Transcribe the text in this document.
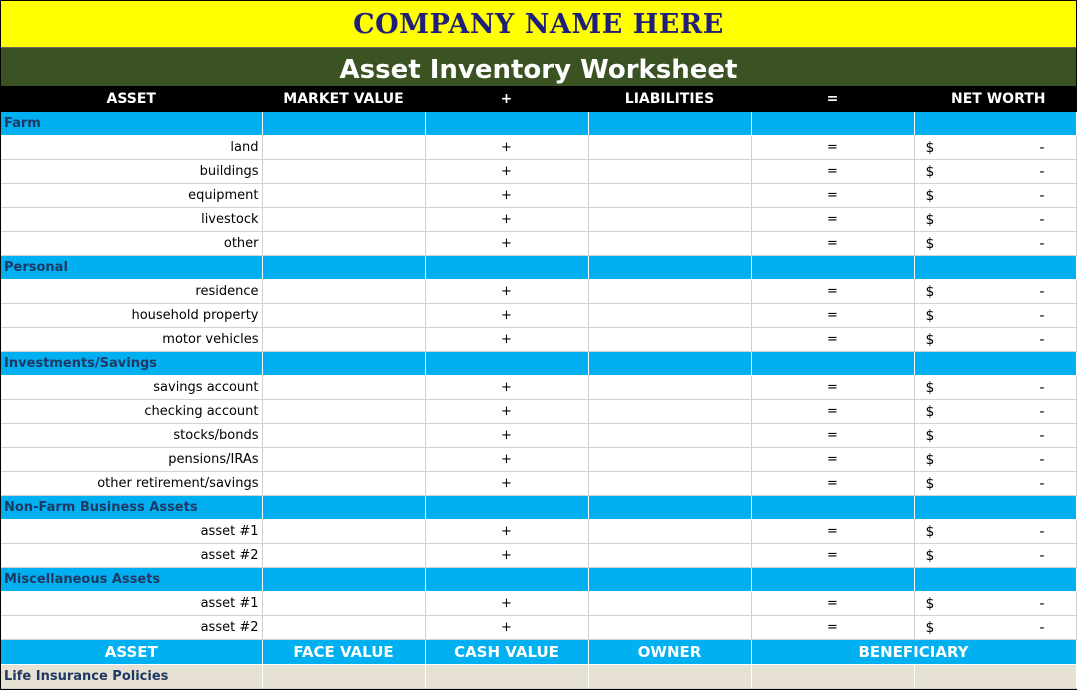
COMPANY NAME HERE
Asset Inventory Worksheet
ASSET	MARKET VALUE	+	LIABILITIES	=	NET WORTH
Farm					
land		+		=	$ -

buildings		+		=	$ -

equipment		+		=	$ -

livestock		+		=	$ -

other		+		=	$ -

Personal					
residence		+		=	$ -

household property		+		=	$ -

motor vehicles		+		=	$ -

Investments/Savings					
savings account		+		=	$ -

checking account		+		=	$ -

stocks/bonds		+		=	$ -

pensions/IRAs		+		=	$ -

other retirement/savings		+		=	$ -

Non-Farm Business Assets					
asset #1		+		=	$ -

asset #2		+		=	$ -

Miscellaneous Assets					
asset #1		+		=	$ -

asset #2		+		=	$ -

ASSET	FACE VALUE	CASH VALUE	OWNER	BENEFICIARY	
Life Insurance Policies					
